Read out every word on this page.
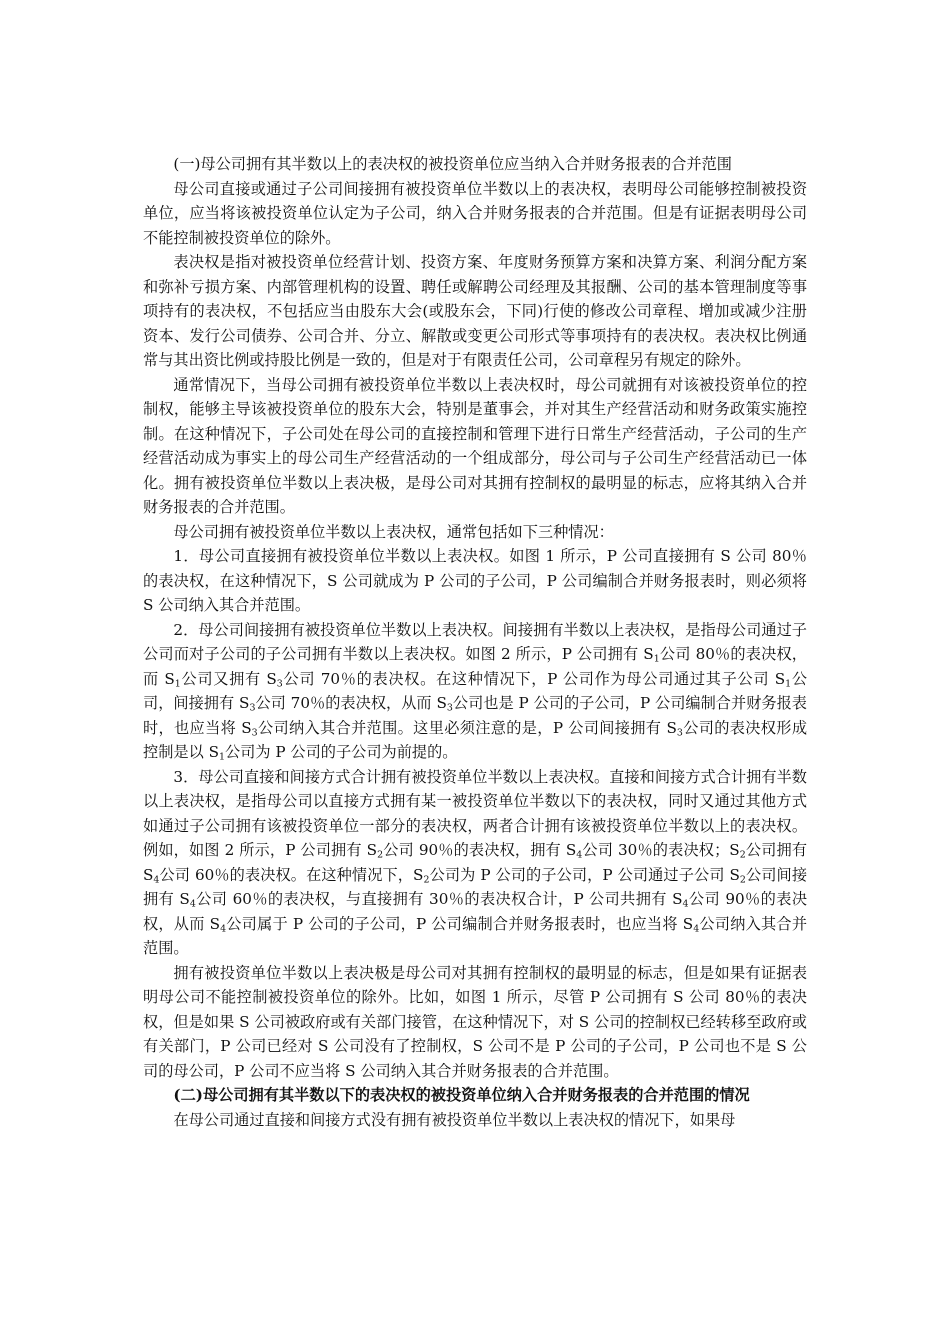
(一)母公司拥有其半数以上的表决权的被投资单位应当纳入合并财务报表的合并范围

母公司直接或通过子公司间接拥有被投资单位半数以上的表决权，表明母公司能够控制被投资单位，应当将该被投资单位认定为子公司，纳入合并财务报表的合并范围。但是有证据表明母公司不能控制被投资单位的除外。

表决权是指对被投资单位经营计划、投资方案、年度财务预算方案和决算方案、利润分配方案和弥补亏损方案、内部管理机构的设置、聘任或解聘公司经理及其报酬、公司的基本管理制度等事项持有的表决权，不包括应当由股东大会(或股东会，下同)行使的修改公司章程、增加或减少注册资本、发行公司债券、公司合并、分立、解散或变更公司形式等事项持有的表决权。表决权比例通常与其出资比例或持股比例是一致的，但是对于有限责任公司，公司章程另有规定的除外。

通常情况下，当母公司拥有被投资单位半数以上表决权时，母公司就拥有对该被投资单位的控制权，能够主导该被投资单位的股东大会，特别是董事会，并对其生产经营活动和财务政策实施控制。在这种情况下，子公司处在母公司的直接控制和管理下进行日常生产经营活动，子公司的生产经营活动成为事实上的母公司生产经营活动的一个组成部分，母公司与子公司生产经营活动已一体化。拥有被投资单位半数以上表决极，是母公司对其拥有控制权的最明显的标志，应将其纳入合并财务报表的合并范围。

母公司拥有被投资单位半数以上表决权，通常包括如下三种情况：

1．母公司直接拥有被投资单位半数以上表决权。如图 1 所示，P 公司直接拥有 S 公司 80％的表决权，在这种情况下，S 公司就成为 P 公司的子公司，P 公司编制合并财务报表时，则必须将 S 公司纳入其合并范围。

2．母公司间接拥有被投资单位半数以上表决权。间接拥有半数以上表决权，是指母公司通过子公司而对子公司的子公司拥有半数以上表决权。如图 2 所示，P 公司拥有 $S_1$公司 80％的表决权，而 $S_1$公司又拥有 $S_3$公司 70％的表决权。在这种情况下，P 公司作为母公司通过其子公司 $S_1$公司，间接拥有 $S_3$公司 70％的表决权，从而 $S_3$公司也是 P 公司的子公司，P 公司编制合并财务报表时，也应当将 $S_3$公司纳入其合并范围。这里必须注意的是，P 公司间接拥有 $S_3$公司的表决权形成控制是以 $S_1$公司为 P 公司的子公司为前提的。

3．母公司直接和间接方式合计拥有被投资单位半数以上表决权。直接和间接方式合计拥有半数以上表决权，是指母公司以直接方式拥有某一被投资单位半数以下的表决权，同时又通过其他方式如通过子公司拥有该被投资单位一部分的表决权，两者合计拥有该被投资单位半数以上的表决权。例如，如图 2 所示，P 公司拥有 $S_2$公司 90％的表决权，拥有 $S_4$公司 30％的表决权；$S_2$公司拥有 $S_4$公司 60％的表决权。在这种情况下，$S_2$公司为 P 公司的子公司，P 公司通过子公司 $S_2$公司间接拥有 $S_4$公司 60％的表决权，与直接拥有 30％的表决权合计，P 公司共拥有 $S_4$公司 90％的表决权，从而 $S_4$公司属于 P 公司的子公司，P 公司编制合并财务报表时，也应当将 $S_4$公司纳入其合并范围。

拥有被投资单位半数以上表决极是母公司对其拥有控制权的最明显的标志，但是如果有证据表明母公司不能控制被投资单位的除外。比如，如图 1 所示，尽管 P 公司拥有 S 公司 80％的表决权，但是如果 S 公司被政府或有关部门接管，在这种情况下，对 S 公司的控制权已经转移至政府或有关部门，P 公司已经对 S 公司没有了控制权，S 公司不是 P 公司的子公司，P 公司也不是 S 公司的母公司，P 公司不应当将 S 公司纳入其合并财务报表的合并范围。

(二)母公司拥有其半数以下的表决权的被投资单位纳入合并财务报表的合并范围的情况

在母公司通过直接和间接方式没有拥有被投资单位半数以上表决权的情况下，如果母
